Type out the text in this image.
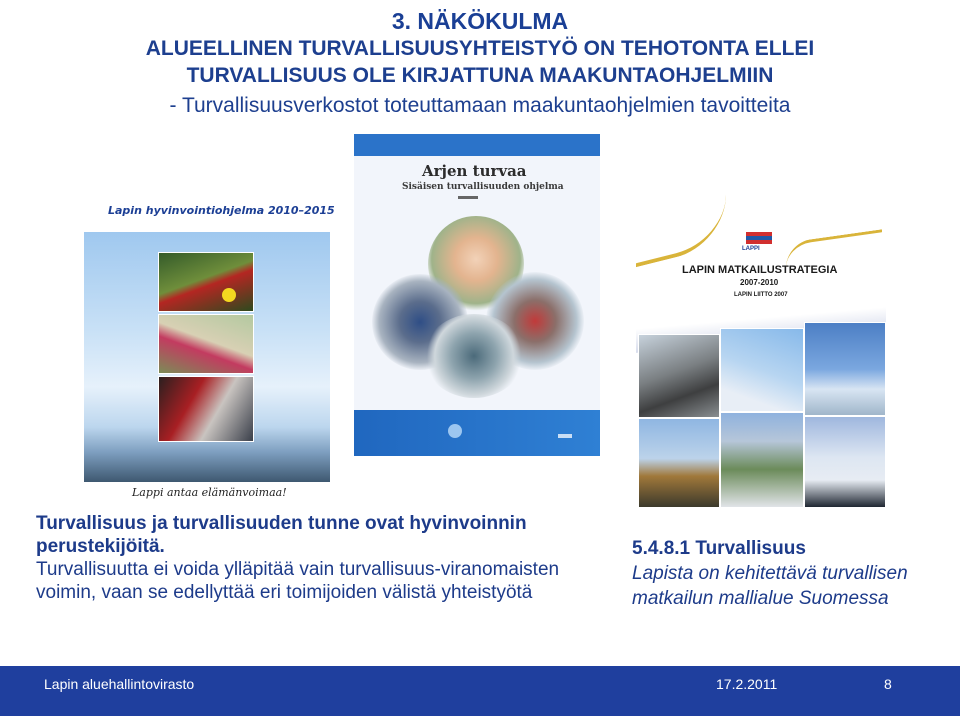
3. NÄKÖKULMA
ALUEELLINEN TURVALLISUUSYHTEISTYÖ ON TEHOTONTA ELLEI
TURVALLISUUS OLE KIRJATTUNA MAAKUNTAOHJELMIIN
- Turvallisuusverkostot toteuttamaan maakuntaohjelmien tavoitteita
Lapin hyvinvointiohjelma 2010–2015
Lappi antaa elämänvoimaa!
Arjen turvaa
Sisäisen turvallisuuden ohjelma
LAPPI
LAPIN MATKAILUSTRATEGIA
2007-2010
LAPIN LIITTO 2007
Turvallisuus ja turvallisuuden tunne ovat hyvinvoinnin perustekijöitä.
Turvallisuutta ei voida ylläpitää vain turvallisuus-viranomaisten voimin, vaan se edellyttää eri toimijoiden välistä yhteistyötä
5.4.8.1 Turvallisuus
Lapista on kehitettävä turvallisen matkailun mallialue Suomessa
Lapin aluehallintovirasto	17.2.2011	8
